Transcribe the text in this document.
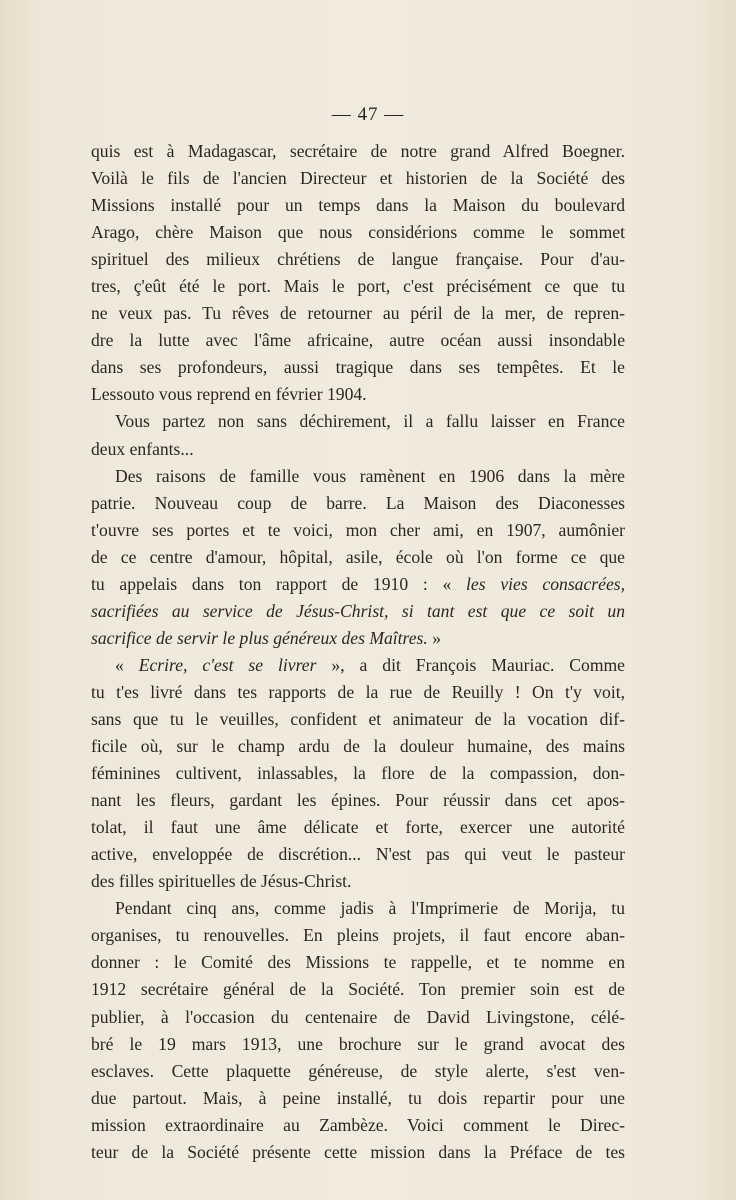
— 47 —
quis est à Madagascar, secrétaire de notre grand Alfred Boegner.
Voilà le fils de l'ancien Directeur et historien de la Société des
Missions installé pour un temps dans la Maison du boulevard
Arago, chère Maison que nous considérions comme le sommet
spirituel des milieux chrétiens de langue française. Pour d'au-
tres, ç'eût été le port. Mais le port, c'est précisément ce que tu
ne veux pas. Tu rêves de retourner au péril de la mer, de repren-
dre la lutte avec l'âme africaine, autre océan aussi insondable
dans ses profondeurs, aussi tragique dans ses tempêtes. Et le
Lessouto vous reprend en février 1904.
Vous partez non sans déchirement, il a fallu laisser en France
deux enfants...
Des raisons de famille vous ramènent en 1906 dans la mère
patrie. Nouveau coup de barre. La Maison des Diaconesses
t'ouvre ses portes et te voici, mon cher ami, en 1907, aumônier
de ce centre d'amour, hôpital, asile, école où l'on forme ce que
tu appelais dans ton rapport de 1910 : « les vies consacrées,
sacrifiées au service de Jésus-Christ, si tant est que ce soit un
sacrifice de servir le plus généreux des Maîtres. »
« Ecrire, c'est se livrer », a dit François Mauriac. Comme
tu t'es livré dans tes rapports de la rue de Reuilly ! On t'y voit,
sans que tu le veuilles, confident et animateur de la vocation dif-
ficile où, sur le champ ardu de la douleur humaine, des mains
féminines cultivent, inlassables, la flore de la compassion, don-
nant les fleurs, gardant les épines. Pour réussir dans cet apos-
tolat, il faut une âme délicate et forte, exercer une autorité
active, enveloppée de discrétion... N'est pas qui veut le pasteur
des filles spirituelles de Jésus-Christ.
Pendant cinq ans, comme jadis à l'Imprimerie de Morija, tu
organises, tu renouvelles. En pleins projets, il faut encore aban-
donner : le Comité des Missions te rappelle, et te nomme en
1912 secrétaire général de la Société. Ton premier soin est de
publier, à l'occasion du centenaire de David Livingstone, célé-
bré le 19 mars 1913, une brochure sur le grand avocat des
esclaves. Cette plaquette généreuse, de style alerte, s'est ven-
due partout. Mais, à peine installé, tu dois repartir pour une
mission extraordinaire au Zambèze. Voici comment le Direc-
teur de la Société présente cette mission dans la Préface de tes
